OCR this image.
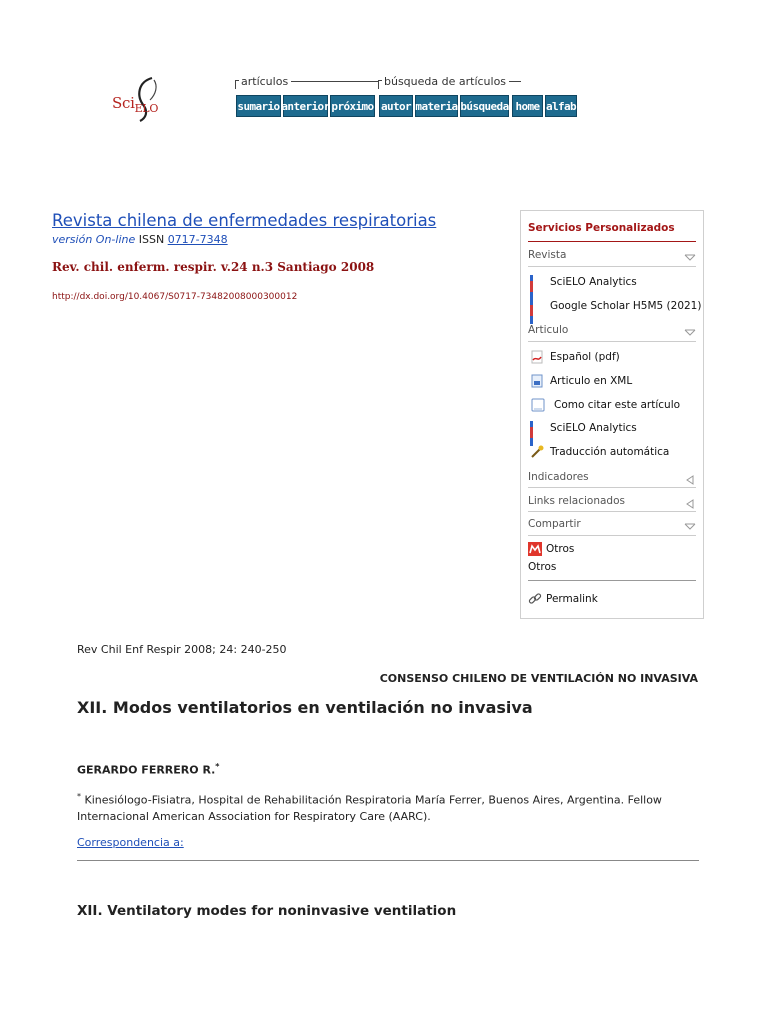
Sci$_{ELO}$
artículos	búsqueda de artículos
sumario anterior próximo autor materia búsqueda home alfab
Revista chilena de enfermedades respiratorias
versión On-line ISSN 0717-7348
Rev. chil. enferm. respir. v.24 n.3 Santiago 2008
http://dx.doi.org/10.4067/S0717-73482008000300012
Servicios Personalizados
Revista
SciELO Analytics
Google Scholar H5M5 (2021)
Articulo
Español (pdf)
Articulo en XML
Como citar este artículo
SciELO Analytics
Traducción automática
Indicadores
Links relacionados
Compartir
Otros
Otros
Permalink
Rev Chil Enf Respir 2008; 24: 240-250
CONSENSO CHILENO DE VENTILACIÓN NO INVASIVA
XII. Modos ventilatorios en ventilación no invasiva
GERARDO FERRERO R.*
* Kinesiólogo-Fisiatra, Hospital de Rehabilitación Respiratoria María Ferrer, Buenos Aires, Argentina. Fellow Internacional American Association for Respiratory Care (AARC).
Correspondencia a:
XII. Ventilatory modes for noninvasive ventilation
